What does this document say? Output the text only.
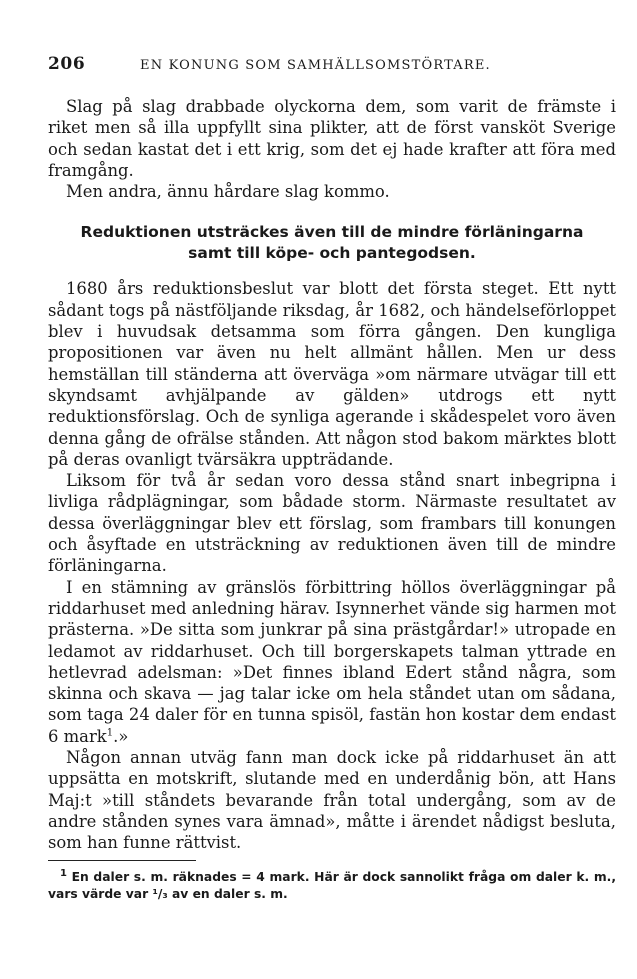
206	EN KONUNG SOM SAMHÄLLSOMSTÖRTARE.

Slag på slag drabbade olyckorna dem, som varit de främste i riket men så illa uppfyllt sina plikter, att de först vansköt Sverige och sedan kastat det i ett krig, som det ej hade krafter att föra med framgång.

Men andra, ännu hårdare slag kommo.

Reduktionen utsträckes även till de mindre förläningarna
samt till köpe- och pantegodsen.

1680 års reduktionsbeslut var blott det första steget. Ett nytt sådant togs på nästföljande riksdag, år 1682, och händelseförloppet blev i huvudsak detsamma som förra gången. Den kungliga propositionen var även nu helt allmänt hållen. Men ur dess hemställan till ständerna att överväga »om närmare utvägar till ett skyndsamt avhjälpande av gälden» utdrogs ett nytt reduktionsförslag. Och de synliga agerande i skådespelet voro även denna gång de ofrälse stånden. Att någon stod bakom märktes blott på deras ovanligt tvärsäkra uppträdande.

Liksom för två år sedan voro dessa stånd snart inbegripna i livliga rådplägningar, som bådade storm. Närmaste resultatet av dessa överläggningar blev ett förslag, som frambars till konungen och åsyftade en utsträckning av reduktionen även till de mindre förläningarna.

I en stämning av gränslös förbittring höllos överläggningar på riddarhuset med anledning härav. Isynnerhet vände sig harmen mot prästerna. »De sitta som junkrar på sina prästgårdar!» utropade en ledamot av riddarhuset. Och till borgerskapets talman yttrade en hetlevrad adelsman: »Det finnes ibland Edert stånd några, som skinna och skava — jag talar icke om hela ståndet utan om sådana, som taga 24 daler för en tunna spisöl, fastän hon kostar dem endast 6 mark$^1$.»

Någon annan utväg fann man dock icke på riddarhuset än att uppsätta en motskrift, slutande med en underdånig bön, att Hans Maj:t »till ståndets bevarande från total undergång, som av de andre stånden synes vara ämnad», måtte i ärendet nådigst besluta, som han funne rättvist.

$^1$ En daler s. m. räknades = 4 mark. Här är dock sannolikt fråga om daler k. m., vars värde var ¹/₃ av en daler s. m.
